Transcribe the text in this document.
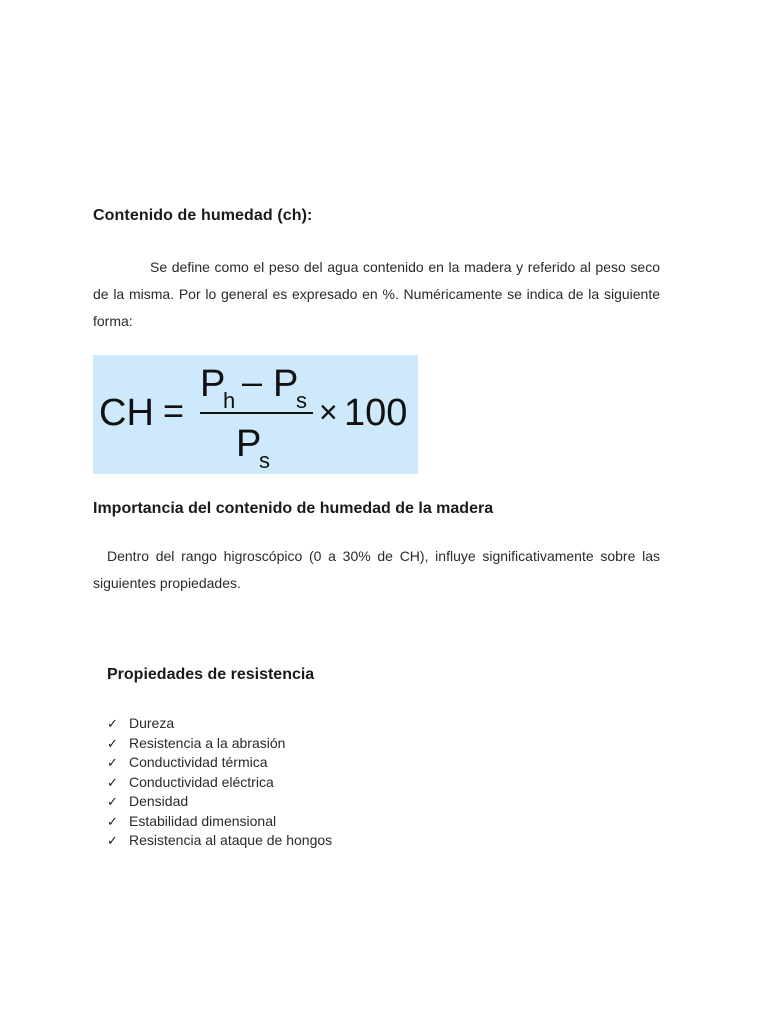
Contenido de humedad (ch):

Se define como el peso del agua contenido en la madera y referido al peso seco de la misma. Por lo general es expresado en %. Numéricamente se indica de la siguiente forma:

CH =
P
h – P
s
P
s
× 100
Importancia del contenido de humedad de la madera

Dentro del rango higroscópico (0 a 30% de CH), influye significativamente sobre las siguientes propiedades.

Propiedades de resistencia
✓ Dureza
✓ Resistencia a la abrasión
✓ Conductividad térmica
✓ Conductividad eléctrica
✓ Densidad
✓ Estabilidad dimensional
✓ Resistencia al ataque de hongos
